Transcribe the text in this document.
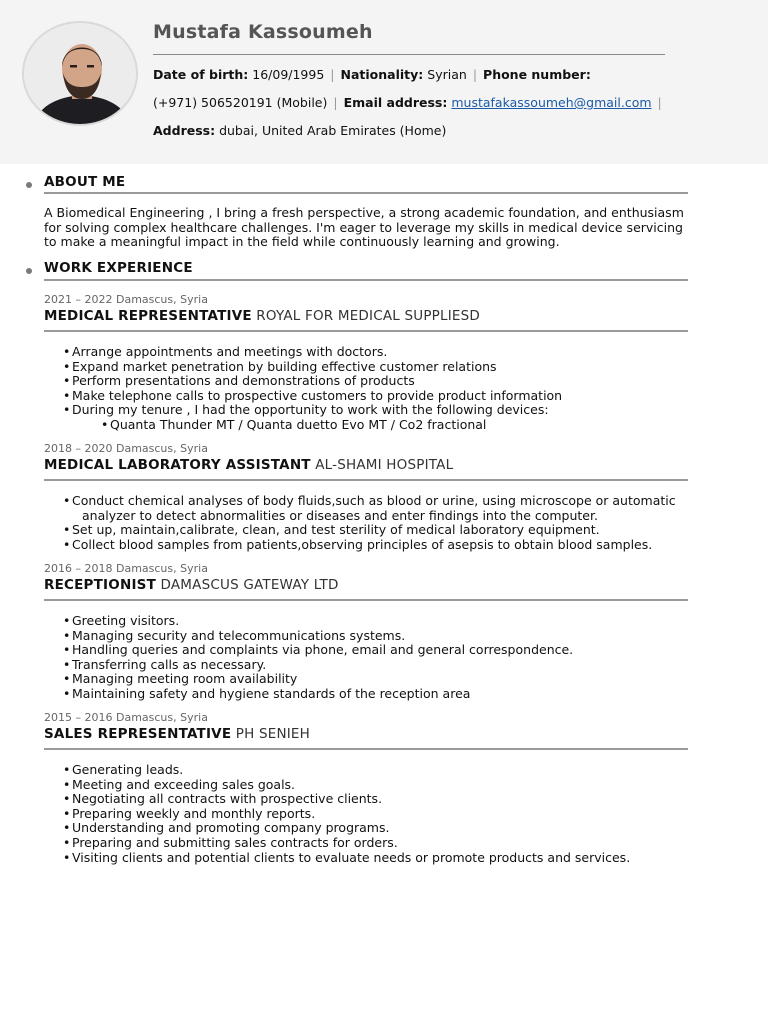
Mustafa Kassoumeh
Date of birth: 16/09/1995 | Nationality: Syrian | Phone number:
(+971) 506520191 (Mobile) | Email address: mustafakassoumeh@gmail.com |
Address: dubai, United Arab Emirates (Home)
ABOUT ME
A Biomedical Engineering , I bring a fresh perspective, a strong academic foundation, and enthusiasm for solving complex healthcare challenges. I'm eager to leverage my skills in medical device servicing to make a meaningful impact in the field while continuously learning and growing.
WORK EXPERIENCE
2021 – 2022 Damascus, Syria
MEDICAL REPRESENTATIVE ROYAL FOR MEDICAL SUPPLIESD
• Arrange appointments and meetings with doctors.
• Expand market penetration by building effective customer relations
• Perform presentations and demonstrations of products
• Make telephone calls to prospective customers to provide product information
• During my tenure , I had the opportunity to work with the following devices:
• Quanta Thunder MT / Quanta duetto Evo MT / Co2 fractional
2018 – 2020 Damascus, Syria
MEDICAL LABORATORY ASSISTANT AL-SHAMI HOSPITAL
• Conduct chemical analyses of body fluids,such as blood or urine, using microscope or automatic
analyzer to detect abnormalities or diseases and enter findings into the computer.
• Set up, maintain,calibrate, clean, and test sterility of medical laboratory equipment.
• Collect blood samples from patients,observing principles of asepsis to obtain blood samples.
2016 – 2018 Damascus, Syria
RECEPTIONIST DAMASCUS GATEWAY LTD
• Greeting visitors.
• Managing security and telecommunications systems.
• Handling queries and complaints via phone, email and general correspondence.
• Transferring calls as necessary.
• Managing meeting room availability
• Maintaining safety and hygiene standards of the reception area
2015 – 2016 Damascus, Syria
SALES REPRESENTATIVE PH SENIEH
• Generating leads.
• Meeting and exceeding sales goals.
• Negotiating all contracts with prospective clients.
• Preparing weekly and monthly reports.
• Understanding and promoting company programs.
• Preparing and submitting sales contracts for orders.
• Visiting clients and potential clients to evaluate needs or promote products and services.
